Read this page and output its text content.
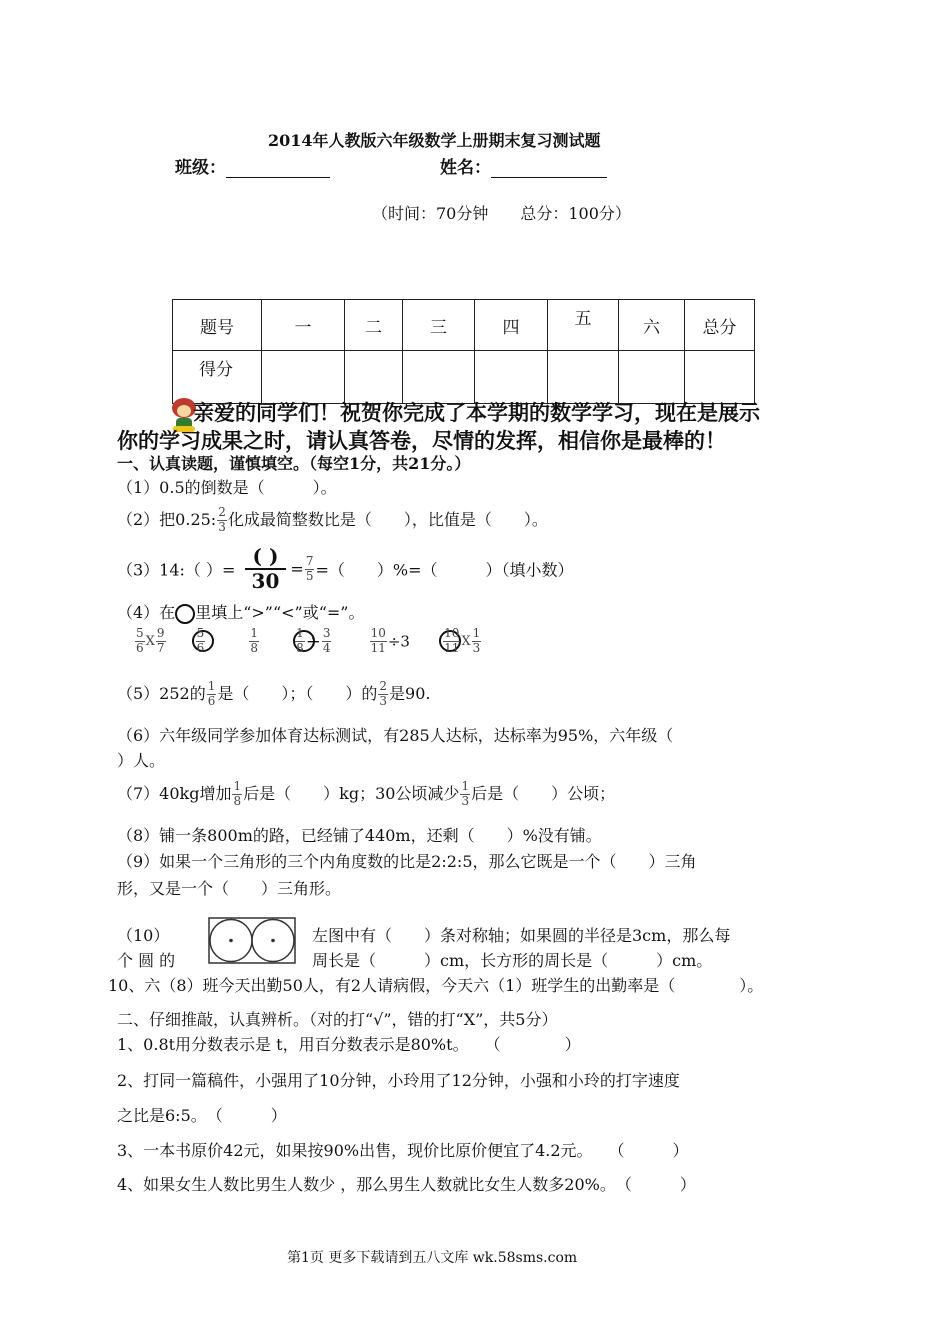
2014年人教版六年级数学上册期末复习测试题
班级：	姓名：
（时间：70分钟　　总分：100分）
题号	一	二	三	四	五	六	总分
得分							
亲爱的同学们！祝贺你完成了本学期的数学学习，现在是展示
你的学习成果之时，请认真答卷，尽情的发挥，相信你是最棒的！
一、认真读题，谨慎填空。（每空1分，共21分。）
（1）0.5的倒数是（　　　）。
（2）把0.25: $\frac{2}{3}$ 化成最简整数比是（　　），比值是（　　）。
（3）14:（ ）= $\frac{( )}{30} = \frac{7}{5}$ =（　　）%=（　　　）（填小数）
（4）在 里填上“>”“<”或“=”。
$\frac{5}{6}$ X $\frac{9}{7}$
	$\frac{5}{6}$
	$\frac{1}{8}$
	$\frac{1}{8} \div \frac{3}{4}$
	$\frac{10}{11} \div 3$	$\frac{10}{11}$ X $\frac{1}{3}$
（5）252的 $\frac{1}{6}$ 是（　　）；（　　）的 $\frac{2}{3}$ 是90.
（6）六年级同学参加体育达标测试，有285人达标，达标率为95%，六年级（
）人。
（7）40kg增加 $\frac{1}{8}$ 后是（　　）kg；30公顷减少 $\frac{1}{3}$ 后是（　　）公顷；
（8）铺一条800m的路，已经铺了440m，还剩（　　）%没有铺。
（9）如果一个三角形的三个内角度数的比是2:2:5，那么它既是一个（　　）三角
形，又是一个（　　）三角形。
（10）	左图中有（　　）条对称轴；如果圆的半径是3cm，那么每
个 圆 的	周长是（　　　）cm，长方形的周长是（　　　）cm。
10、六（8）班今天出勤50人，有2人请病假，今天六（1）班学生的出勤率是（　　　　）。
二、仔细推敲，认真辨析。（对的打“√”，错的打“X”，共5分）
1、0.8t用分数表示是 t，用百分数表示是80%t。　　（　　　　）
2、打同一篇稿件，小强用了10分钟，小玲用了12分钟，小强和小玲的打字速度
之比是6:5。　（　　　）
3、一本书原价42元，如果按90%出售，现价比原价便宜了4.2元。　　（　　　）
4、如果女生人数比男生人数少 ，那么男生人数就比女生人数多20%。　（　　　）
第1页 更多下载请到五八文库 wk.58sms.com
